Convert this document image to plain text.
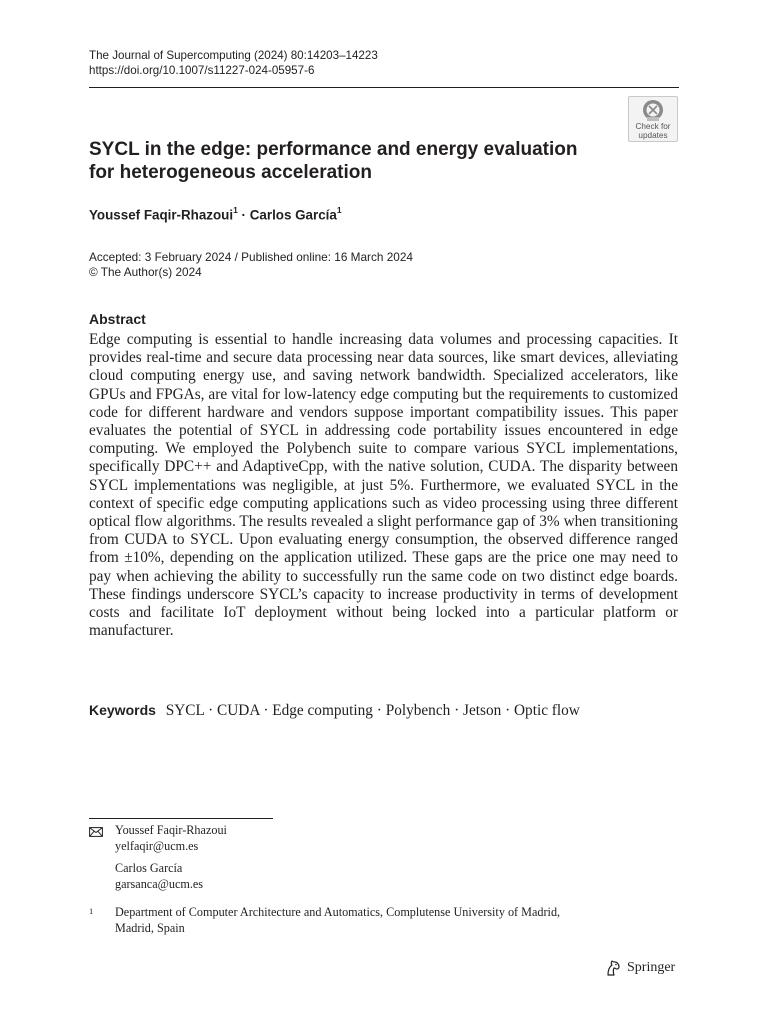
The Journal of Supercomputing (2024) 80:14203–14223
https://doi.org/10.1007/s11227-024-05957-6
Check for
updates
SYCL in the edge: performance and energy evaluation
for heterogeneous acceleration
Youssef Faqir‑Rhazoui$^1$ · Carlos García$^1$
Accepted: 3 February 2024 / Published online: 16 March 2024
© The Author(s) 2024
Abstract

Edge computing is essential to handle increasing data volumes and processing capacities. It provides real-time and secure data processing near data sources, like smart devices, alleviating cloud computing energy use, and saving network bandwidth. Specialized accelerators, like GPUs and FPGAs, are vital for low-latency edge computing but the requirements to customized code for different hardware and vendors suppose important compatibility issues. This paper evaluates the potential of SYCL in addressing code portability issues encountered in edge computing. We employed the Polybench suite to compare various SYCL implementations, specifically DPC++ and AdaptiveCpp, with the native solution, CUDA. The disparity between SYCL implementations was negligible, at just 5%. Furthermore, we evaluated SYCL in the context of specific edge computing applications such as video processing using three different optical flow algorithms. The results revealed a slight performance gap of 3% when transitioning from CUDA to SYCL. Upon evaluating energy consumption, the observed difference ranged from ±10%, depending on the application utilized. These gaps are the price one may need to pay when achieving the ability to successfully run the same code on two distinct edge boards. These findings underscore SYCL’s capacity to increase productivity in terms of development costs and facilitate IoT deployment without being locked into a particular platform or manufacturer.

Keywords SYCL · CUDA · Edge computing · Polybench · Jetson · Optic flow
Youssef Faqir-Rhazoui
yelfaqir@ucm.es
Carlos García
garsanca@ucm.es
1 Department of Computer Architecture and Automatics, Complutense University of Madrid,
Madrid, Spain
Springer
